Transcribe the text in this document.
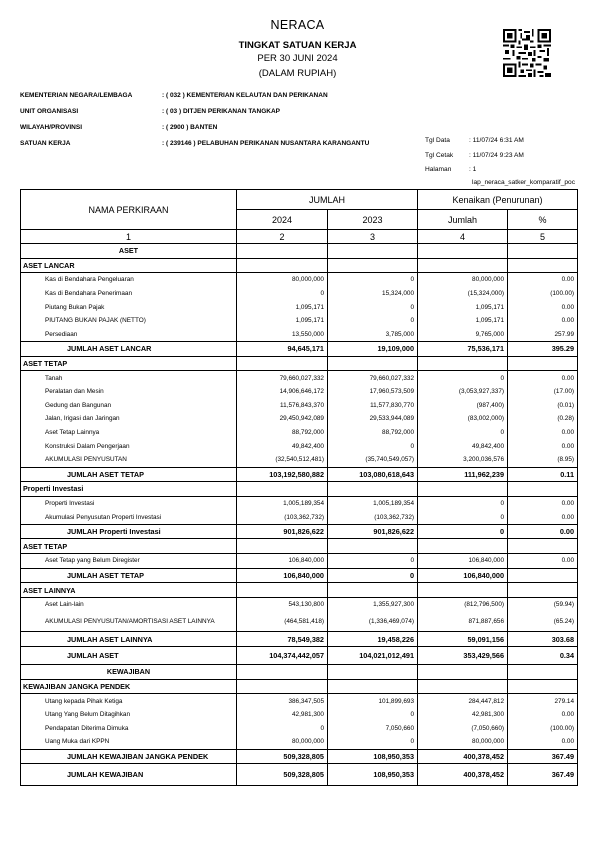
NERACA
TINGKAT SATUAN KERJA
PER 30 JUNI 2024
(DALAM RUPIAH)
KEMENTERIAN NEGARA/LEMBAGA	: ( 032 ) KEMENTERIAN KELAUTAN DAN PERIKANAN
UNIT ORGANISASI	: ( 03 ) DITJEN PERIKANAN TANGKAP
WILAYAH/PROVINSI	: ( 2900 ) BANTEN
SATUAN KERJA	: ( 239146 ) PELABUHAN PERIKANAN NUSANTARA KARANGANTU	Tgl Data	: 11/07/24 6:31 AM
Tgl Cetak : 11/07/24 9:23 AM
Halaman	: 1
lap_neraca_satker_komparatif_poc
NAMA PERKIRAAN	JUMLAH		Kenaikan (Penurunan)	
	2024	2023	Jumlah	%
1	2	3	4	5
ASET				
ASET LANCAR				
Kas di Bendahara Pengeluaran	80,000,000	0	80,000,000	0.00
Kas di Bendahara Penerimaan	0	15,324,000	(15,324,000)	(100.00)
Piutang Bukan Pajak	1,095,171	0	1,095,171	0.00
PIUTANG BUKAN PAJAK (NETTO)	1,095,171	0	1,095,171	0.00
Persediaan	13,550,000	3,785,000	9,765,000	257.99
JUMLAH ASET LANCAR	94,645,171	19,109,000	75,536,171	395.29
ASET TETAP				
Tanah	79,660,027,332	79,660,027,332	0	0.00
Peralatan dan Mesin	14,906,646,172	17,960,573,509	(3,053,927,337)	(17.00)
Gedung dan Bangunan	11,576,843,370	11,577,830,770	(987,400)	(0.01)
Jalan, Irigasi dan Jaringan	29,450,942,089	29,533,944,089	(83,002,000)	(0.28)
Aset Tetap Lainnya	88,792,000	88,792,000	0	0.00
Konstruksi Dalam Pengerjaan	49,842,400	0	49,842,400	0.00
AKUMULASI PENYUSUTAN	(32,540,512,481)	(35,740,549,057)	3,200,036,576	(8.95)
JUMLAH ASET TETAP	103,192,580,882	103,080,618,643	111,962,239	0.11
Properti Investasi				
Properti Investasi	1,005,189,354	1,005,189,354	0	0.00
Akumulasi Penyusutan Properti Investasi	(103,362,732)	(103,362,732)	0	0.00
JUMLAH Properti Investasi	901,826,622	901,826,622	0	0.00
ASET TETAP				
Aset Tetap yang Belum Diregister	106,840,000	0	106,840,000	0.00
JUMLAH ASET TETAP	106,840,000	0	106,840,000	
ASET LAINNYA				
Aset Lain-lain	543,130,800	1,355,927,300	(812,796,500)	(59.94)
AKUMULASI PENYUSUTAN/AMORTISASI ASET LAINNYA	(464,581,418)	(1,336,469,074)	871,887,656	(65.24)
JUMLAH ASET LAINNYA	78,549,382	19,458,226	59,091,156	303.68
JUMLAH ASET	104,374,442,057	104,021,012,491	353,429,566	0.34
KEWAJIBAN				
KEWAJIBAN JANGKA PENDEK				
Utang kepada Pihak Ketiga	386,347,505	101,899,693	284,447,812	279.14
Utang Yang Belum Ditagihkan	42,981,300	0	42,981,300	0.00
Pendapatan Diterima Dimuka	0	7,050,660	(7,050,660)	(100.00)
Uang Muka dari KPPN	80,000,000	0	80,000,000	0.00
JUMLAH KEWAJIBAN JANGKA PENDEK	509,328,805	108,950,353	400,378,452	367.49
JUMLAH KEWAJIBAN	509,328,805	108,950,353	400,378,452	367.49
